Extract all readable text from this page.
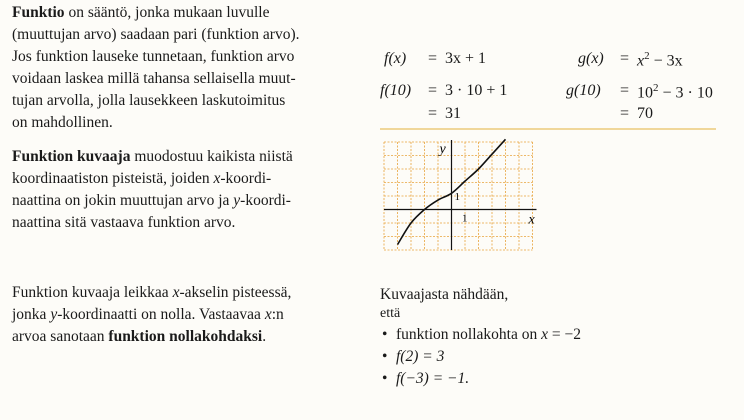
Funktio on sääntö, jonka mukaan luvulle
(muuttujan arvo) saadaan pari (funktion arvo).
Jos funktion lauseke tunnetaan, funktion arvo
voidaan laskea millä tahansa sellaisella muut-
tujan arvolla, jolla lausekkeen laskutoimitus
on mahdollinen.
Funktion kuvaaja muodostuu kaikista niistä
koordinaatiston pisteistä, joiden x-koordi-
naattina on jokin muuttujan arvo ja y-koordi-
naattina sitä vastaava funktion arvo.
Funktion kuvaaja leikkaa x-akselin pisteessä,
jonka y-koordinaatti on nolla. Vastaavaa x:n
arvoa sanotaan funktion nollakohdaksi.
f(x) = 3x + 1
f(10) = 3 · 10 + 1
= 31
$g(x) = x^2 - 3x$
$g(10) = 10^2 - 3 \cdot 10$
= 70
y
x
1
1
Kuvaajasta nähdään,
että
• funktion nollakohta on x = −2
• f(2) = 3
• f(−3) = −1.
